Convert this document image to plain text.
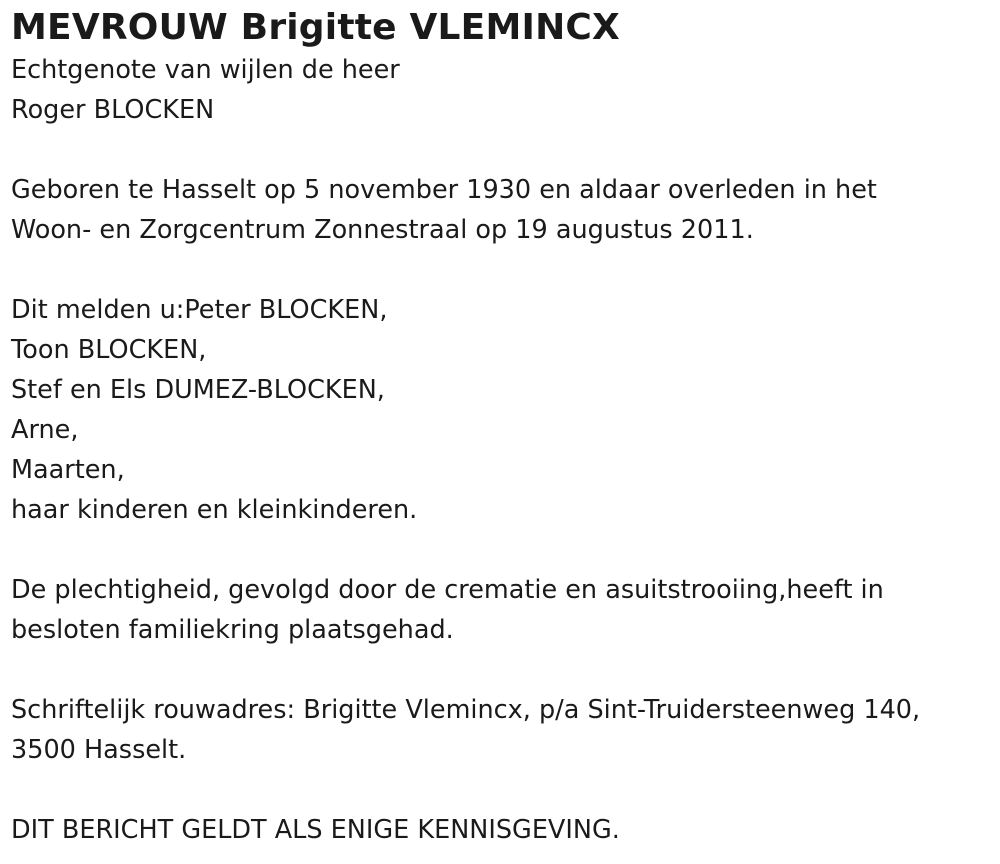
MEVROUW Brigitte VLEMINCX

Echtgenote van wijlen de heer

Roger BLOCKEN

Geboren te Hasselt op 5 november 1930 en aldaar overleden in het

Woon- en Zorgcentrum Zonnestraal op 19 augustus 2011.

Dit melden u:Peter BLOCKEN,

Toon BLOCKEN,

Stef en Els DUMEZ-BLOCKEN,

Arne,

Maarten,

haar kinderen en kleinkinderen.

De plechtigheid, gevolgd door de crematie en asuitstrooiing,heeft in

besloten familiekring plaatsgehad.

Schriftelijk rouwadres: Brigitte Vlemincx, p/a Sint-Truidersteenweg 140,

3500 Hasselt.

DIT BERICHT GELDT ALS ENIGE KENNISGEVING.
